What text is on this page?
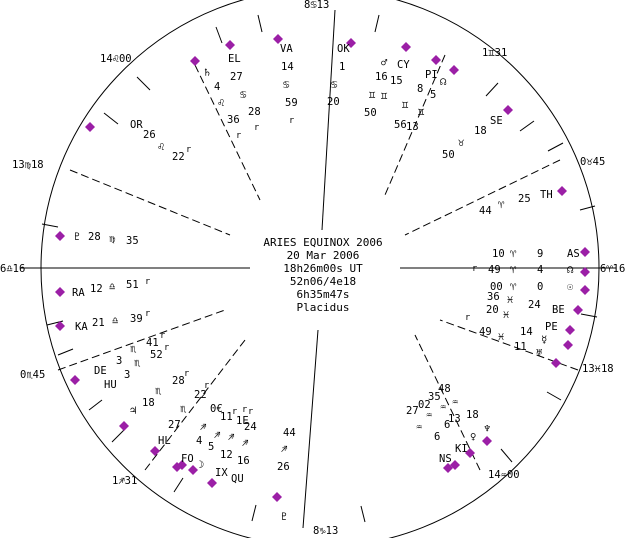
8♋13
1♊31
0♉45
6♈16
13♓18
14♒00
8♑13
1♐31
0♏45
6♎16
13♍18
14♌00
OR
26
♌
22
r
EL
27
♋
28
r
♄
4
♌
36
r
VA
14
♋
59
r
OK
1
♋
20
♂
16
♊
50
CY
15
♊
56
PI
8
♊
13
☊
5
♊
SE
18
♉
50
TH
25
♈
44
AS
9
♈
10
☊
4
♈
49
r
☉
0
♈
00
BE
24
♓
36
PE
14
♓
20
☿
11
♓
49
r
♅
27
♒
02
35
48
♒
♒ ♒
13 18
6
KI
♀
♆
NS
6
♇
44
♐
26
QU
16
♐
24
r
IX
12
♐
1E
r
☽
5
♐
11 r
FO
4
♐
0€
HL
27
♏
22
r
♃
18
♏
28
r
HU
3
♏
52
r
DE
3
♏ 41
r
KA 21 ♎ 39 r
RA 12 ♎ 51 r
♇ 28 ♍ 35	ARIES EQUINOX 2006
20 Mar 2006
18h26m00s UT
52n06/4e18
6h35m47s
Placidus
